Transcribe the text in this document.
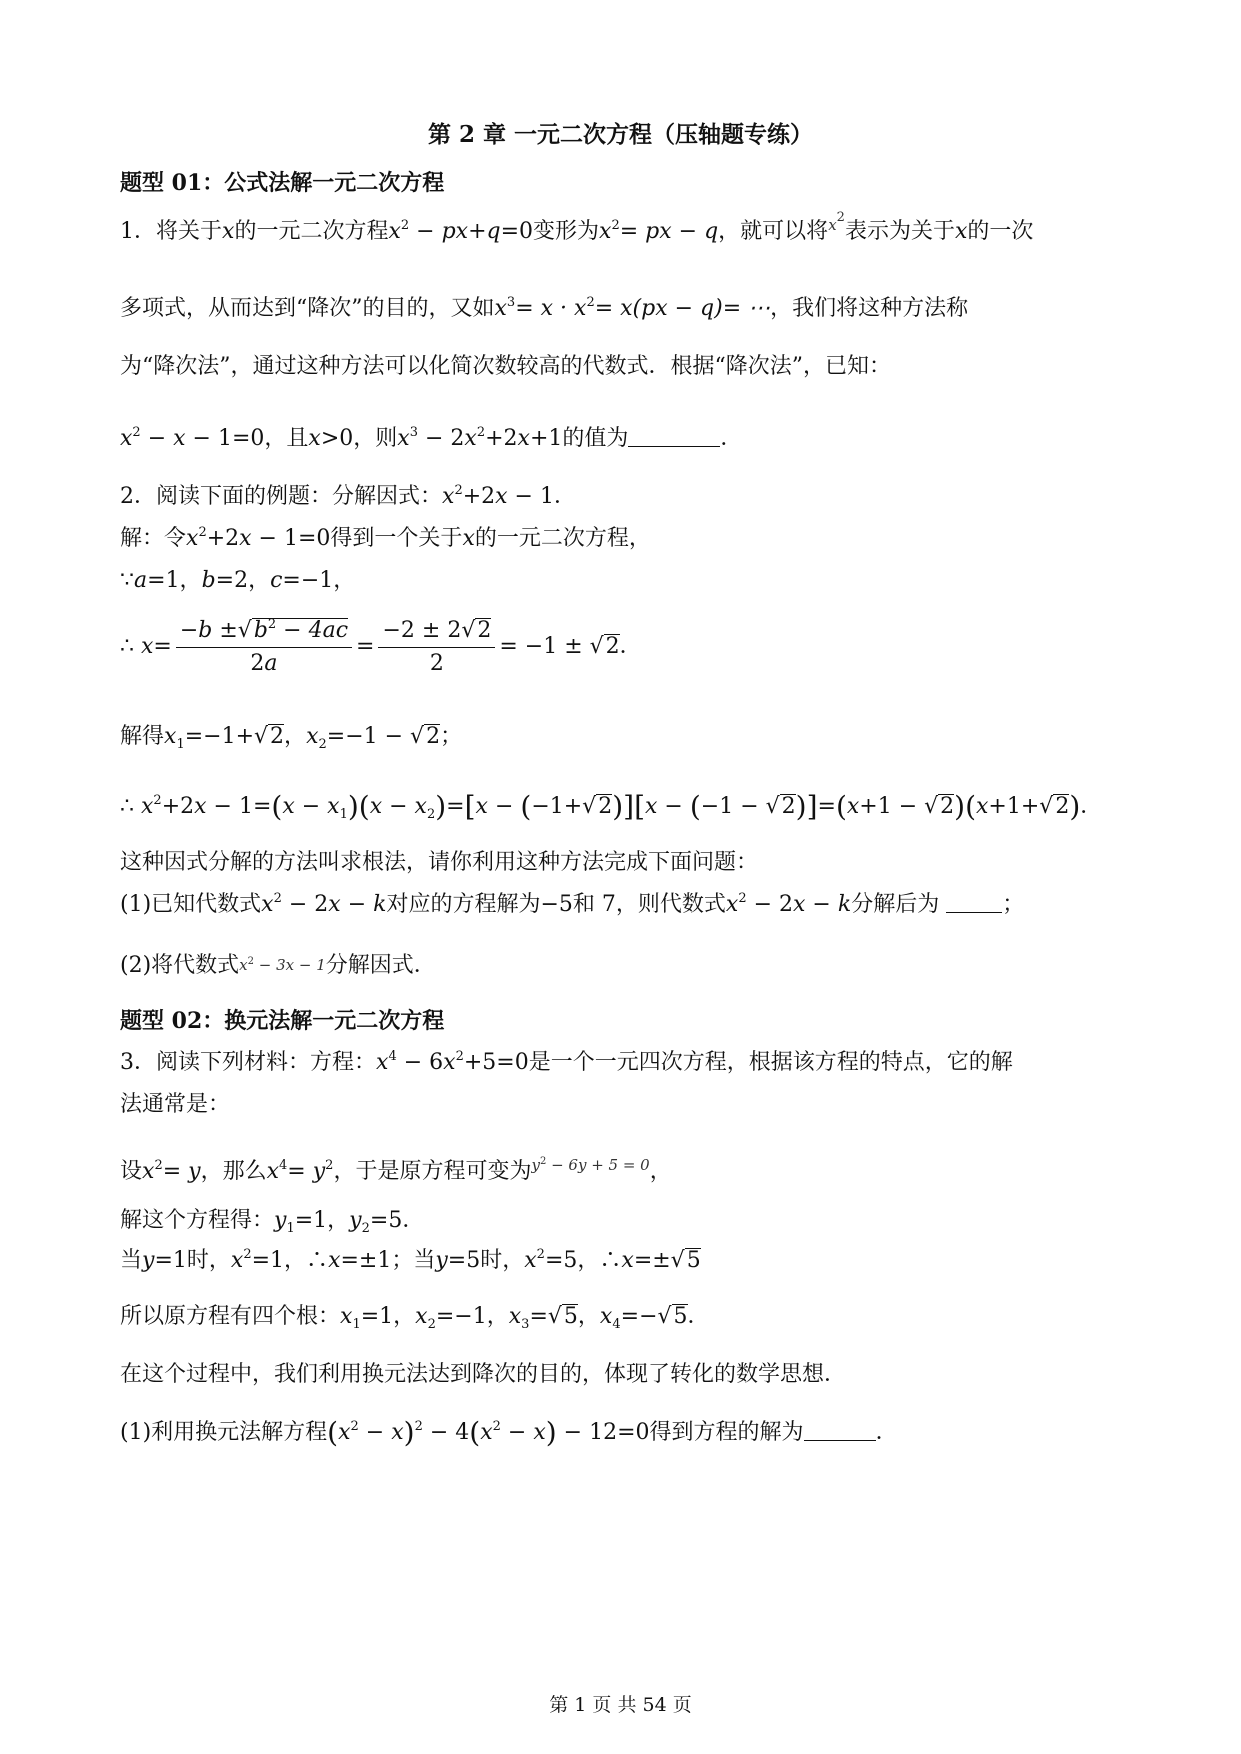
第 2 章 一元二次方程（压轴题专练）
题型 01：公式法解一元二次方程
1．将关于x的一元二次方程$x^2 - px+q=0$变形为$x^2=$ px − q，就可以将$^{x^2}$表示为关于x的一次
多项式，从而达到“降次”的目的，又如$x^3= x \cdot x^2= x(px - q)=$ ⋯，我们将这种方法称
为“降次法”，通过这种方法可以化简次数较高的代数式．根据“降次法”，已知：
$x^2 - x - 1=0$，且x>0，则$x^3 - 2x^2+2x+1$的值为	．
2．阅读下面的例题：分解因式：$x^2+2x - 1$．
解：令$x^2+2x - 1=0$得到一个关于x的一元二次方程，
∵a=1，b=2，c=−1，
∴ $x= \frac{-b \pm√b^2 - 4ac}{2a} = \frac{-2 \pm 2√2}{2} = -1 \pm √2$．
解得$x_1=-1+√2$，$x_2=-1 - √2$；
∴ $x^2+2x - 1=(x - x_1)(x - x_2)=[x - (-1+√2)][x - (-1 - √2)]=(x+1 - √2)(x+1+√2)$．
这种因式分解的方法叫求根法，请你利用这种方法完成下面问题：
(1)已知代数式$x^2 - 2x - k$对应的方程解为−5和 7，则代数式$x^2 - 2x - k$分解后为	；
(2)将代数式$x^2 - 3x - 1$分解因式．
题型 02：换元法解一元二次方程
3．阅读下列材料：方程：$x^4 - 6x^2+5=0$是一个一元四次方程，根据该方程的特点，它的解
法通常是：
设$x^2= y$，那么$x^4= y^2$，于是原方程可变为$^{y^2 - 6y + 5 = 0}$，
解这个方程得：$y_1=1$，$y_2=5$．
当y=1时，$x^2=1$，∴x=±1；当y=5时，$x^2=5$，∴x=±√5
所以原方程有四个根：$x_1=1$，$x_2=-1$，$x_3=√5$，$x_4=-√5$．
在这个过程中，我们利用换元法达到降次的目的，体现了转化的数学思想．
(1)利用换元法解方程$(x^2 - x)^2 - 4(x^2 - x) - 12=0$得到方程的解为	．
第 1 页 共 54 页
